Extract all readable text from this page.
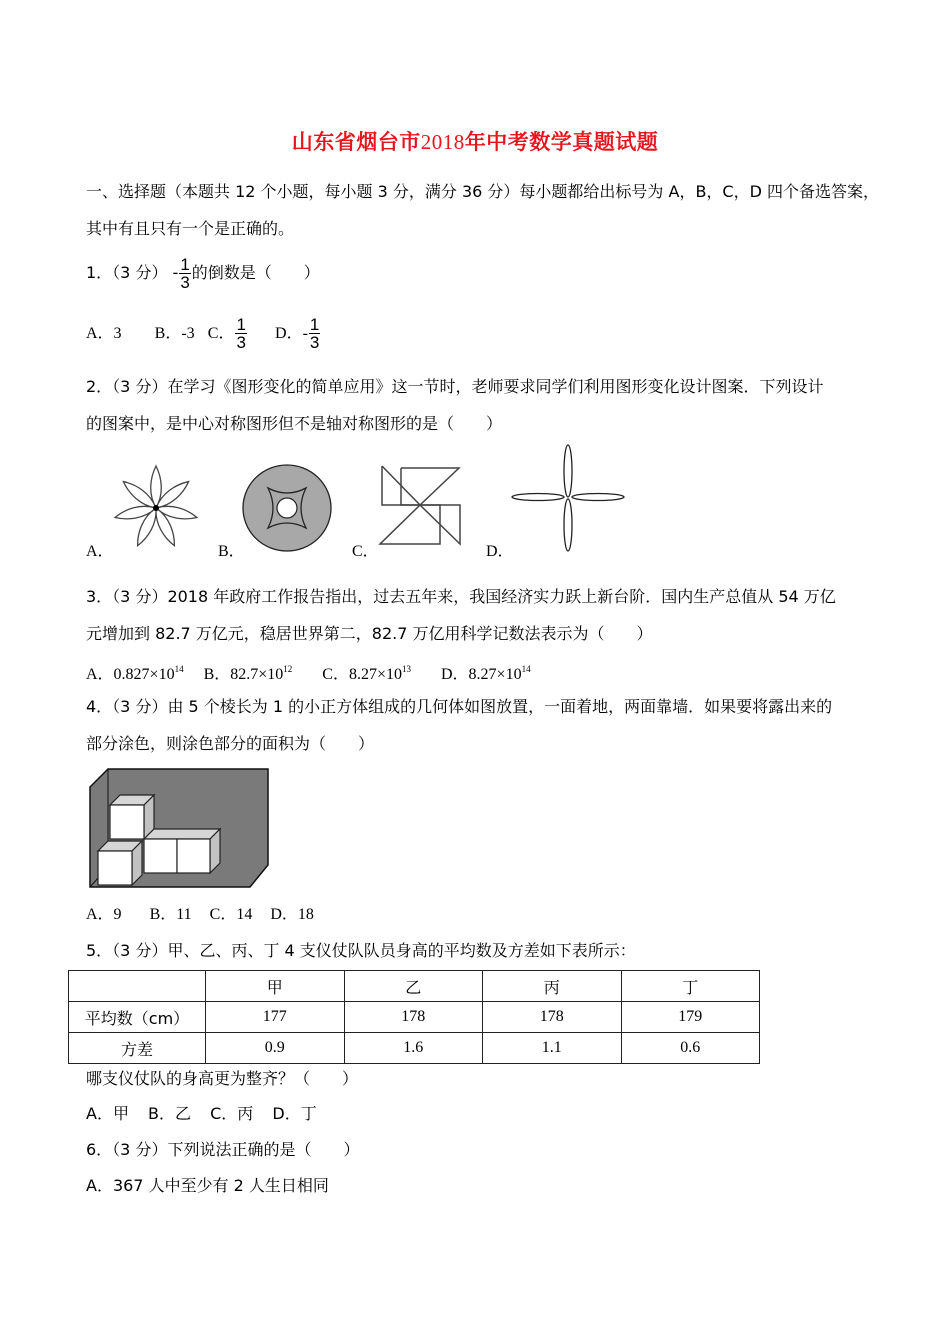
山东省烟台市2018年中考数学真题试题
一、选择题（本题共 12 个小题，每小题 3 分，满分 36 分）每小题都给出标号为 A，B，C，D 四个备选答案，
其中有且只有一个是正确的。
1．（3 分） - $\frac{1}{3}$ 的倒数是（　　）
A．3 B．-3 C． $\frac{1}{3}$ D．- $\frac{1}{3}$
2．（3 分）在学习《图形变化的简单应用》这一节时，老师要求同学们利用图形变化设计图案．下列设计
的图案中，是中心对称图形但不是轴对称图形的是（　　）
A．	B．	C．	D．
3．（3 分）2018 年政府工作报告指出，过去五年来，我国经济实力跃上新台阶．国内生产总值从 54 万亿
元增加到 82.7 万亿元，稳居世界第二，82.7 万亿用科学记数法表示为（　　）
A．$0.827\times 10^{14}$ B．$82.7\times 10^{12}$ C．$8.27\times 10^{13}$ D．$8.27\times 10^{14}$
4．（3 分）由 5 个棱长为 1 的小正方体组成的几何体如图放置，一面着地，两面靠墙．如果要将露出来的
部分涂色，则涂色部分的面积为（　　）
A．9 B．11 C．14 D．18
5．（3 分）甲、乙、丙、丁 4 支仪仗队队员身高的平均数及方差如下表所示：
	甲	乙	丙	丁
平均数（cm）	177	178	178	179
方差	0.9	1.6	1.1	0.6
哪支仪仗队的身高更为整齐？（　　）
A．甲 B．乙 C．丙 D．丁
6．（3 分）下列说法正确的是（　　）
A．367 人中至少有 2 人生日相同
